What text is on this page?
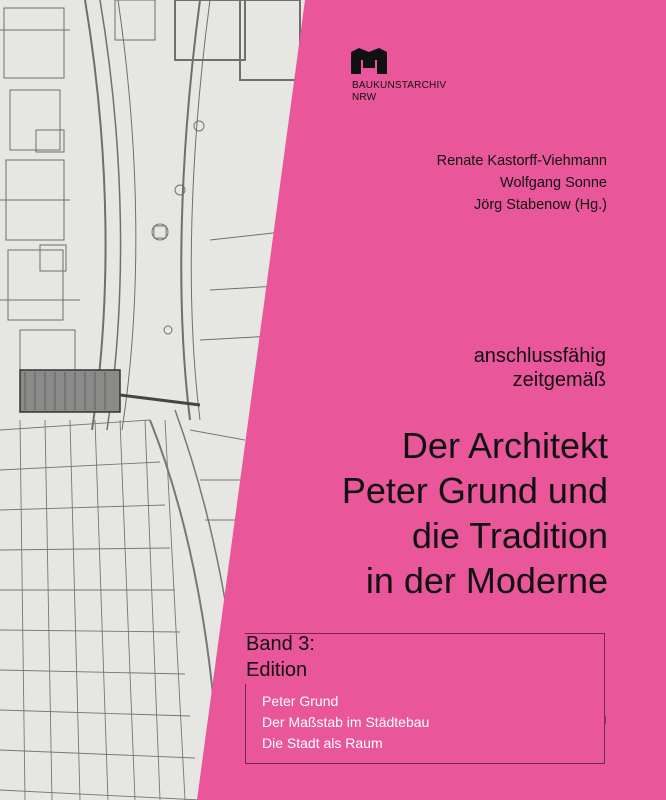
BAUKUNSTARCHIV
NRW
Renate Kastorff-Viehmann
Wolfgang Sonne
Jörg Stabenow (Hg.)
anschlussfähig
zeitgemäß
Der Architekt
Peter Grund und
die Tradition
in der Moderne
Band 3:
Edition
Peter Grund
Der Maßstab im Städtebau
Die Stadt als Raum
